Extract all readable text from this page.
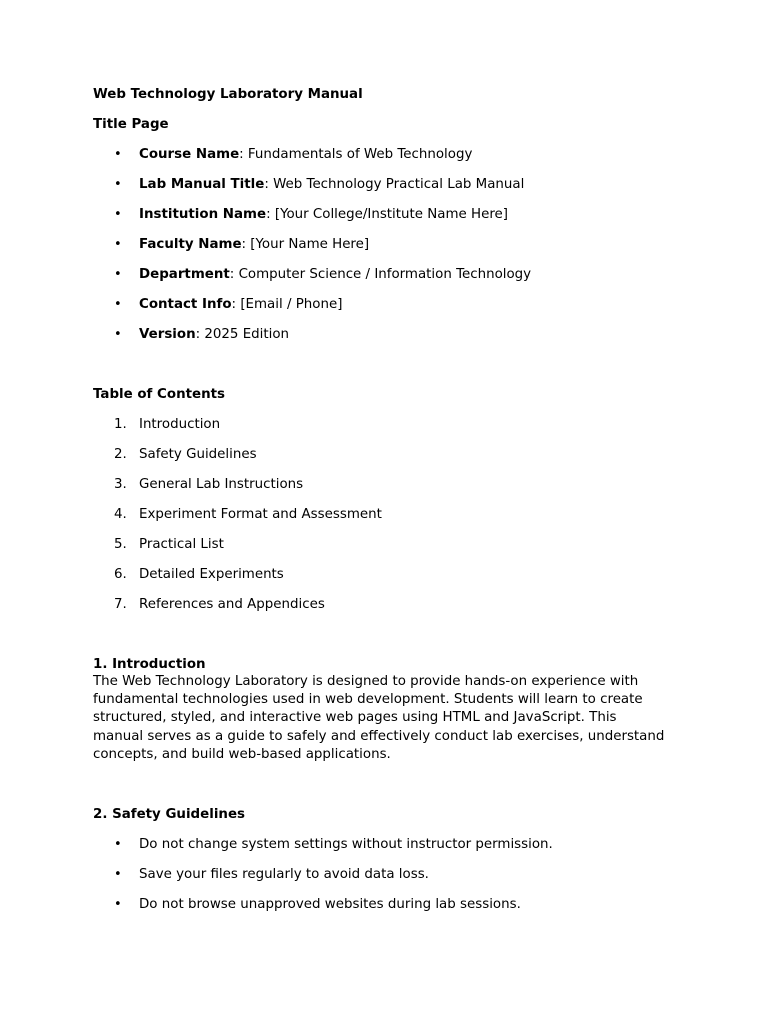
Web Technology Laboratory Manual
Title Page
• Course Name: Fundamentals of Web Technology
• Lab Manual Title: Web Technology Practical Lab Manual
• Institution Name: [Your College/Institute Name Here]
• Faculty Name: [Your Name Here]
• Department: Computer Science / Information Technology
• Contact Info: [Email / Phone]
• Version: 2025 Edition
Table of Contents
1. Introduction
2. Safety Guidelines
3. General Lab Instructions
4. Experiment Format and Assessment
5. Practical List
6. Detailed Experiments
7. References and Appendices
1. Introduction
The Web Technology Laboratory is designed to provide hands-on experience with
fundamental technologies used in web development. Students will learn to create
structured, styled, and interactive web pages using HTML and JavaScript. This
manual serves as a guide to safely and effectively conduct lab exercises, understand
concepts, and build web-based applications.
2. Safety Guidelines
• Do not change system settings without instructor permission.
• Save your files regularly to avoid data loss.
• Do not browse unapproved websites during lab sessions.
